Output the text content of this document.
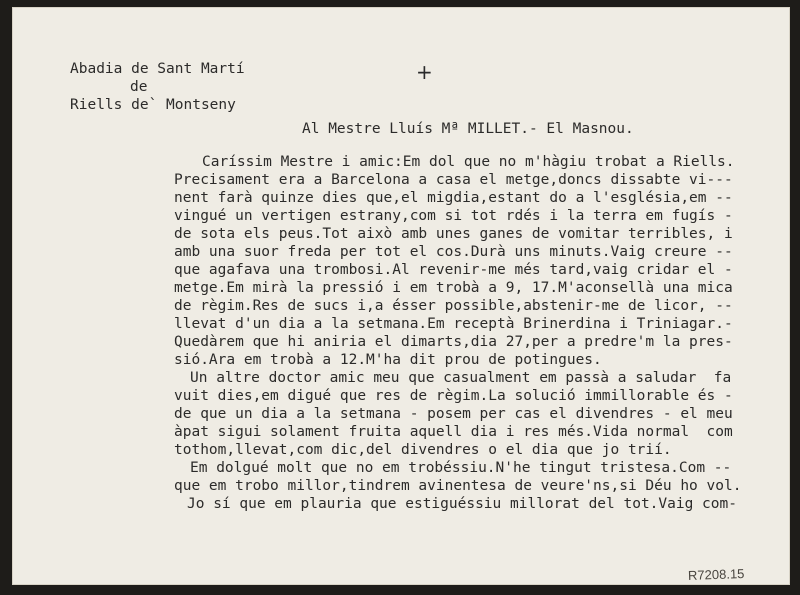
Abadia de Sant Martí
de
Riells de` Montseny
+
Al Mestre Lluís Mª MILLET.- El Masnou.
Caríssim Mestre i amic:Em dol que no m'hàgiu trobat a Riells.
Precisament era a Barcelona a casa el metge,doncs dissabte vi---
nent farà quinze dies que,el migdia,estant do a l'església,em --
vingué un vertigen estrany,com si tot rdés i la terra em fugís -
de sota els peus.Tot això amb unes ganes de vomitar terribles, i
amb una suor freda per tot el cos.Durà uns minuts.Vaig creure --
que agafava una trombosi.Al revenir-me més tard,vaig cridar el -
metge.Em mirà la pressió i em trobà a 9, 17.M'aconsellà una mica
de règim.Res de sucs i,a ésser possible,abstenir-me de licor, --
llevat d'un dia a la setmana.Em receptà Brinerdina i Triniagar.-
Quedàrem que hi aniria el dimarts,dia 27,per a predre'm la pres-
sió.Ara em trobà a 12.M'ha dit prou de potingues.
Un altre doctor amic meu que casualment em passà a saludar  fa
vuit dies,em digué que res de règim.La solució immillorable és -
de que un dia a la setmana - posem per cas el divendres - el meu
àpat sigui solament fruita aquell dia i res més.Vida normal  com
tothom,llevat,com dic,del divendres o el dia que jo trií.
Em dolgué molt que no em trobéssiu.N'he tingut tristesa.Com --
que em trobo millor,tindrem avinentesa de veure'ns,si Déu ho vol.
Jo sí que em plauria que estiguéssiu millorat del tot.Vaig com-
R7208.15
